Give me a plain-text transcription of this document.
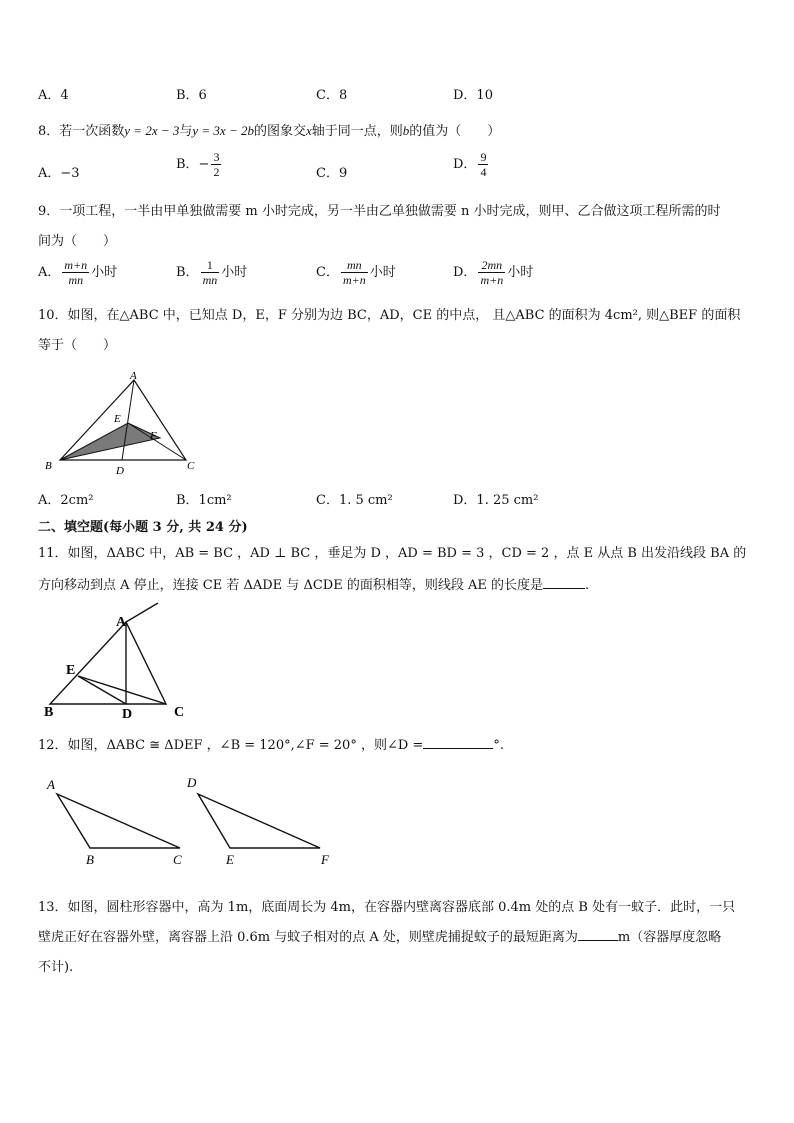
A．4	B．6	C．8	D．10
8．若一次函数y = 2x − 3与y = 3x − 2b的图象交x轴于同一点，则b的值为（　　）
A．−3
B．− $\frac{3}{2}$	C．9
D． $\frac{9}{4}$
9．一项工程，一半由甲单独做需要 m 小时完成，另一半由乙单独做需要 n 小时完成，则甲、乙合做这项工程所需的时
间为（　　）
A． $\frac{m+n}{mn}$ 小时	B． $\frac{1}{mn}$ 小时	C． $\frac{mn}{m+n}$ 小时	D． $\frac{2mn}{m+n}$ 小时
10．如图，在△ABC 中，已知点 D，E，F 分别为边 BC，AD，CE 的中点， 且△ABC 的面积为 4cm², 则△BEF 的面积
等于（　　）
A
B	C
D
E
F
A．2cm²	B．1cm²	C．1. 5 cm²	D．1. 25 cm²
二、填空题(每小题 3 分, 共 24 分)
11．如图，ΔABC 中，AB = BC ，AD ⊥ BC ，垂足为 D ，AD = BD = 3 ，CD = 2 ，点 E 从点 B 出发沿线段 BA 的
方向移动到点 A 停止，连接 CE 若 ΔADE 与 ΔCDE 的面积相等，则线段 AE 的长度是	.
A
B	C
D
E
12．如图，ΔABC ≅ ΔDEF ，∠B = 120°,∠F = 20° ，则∠D =	°.
A
B	C
D
E	F
13．如图，圆柱形容器中，高为 1m，底面周长为 4m，在容器内壁离容器底部 0.4m 处的点 B 处有一蚊子．此时，一只
壁虎正好在容器外壁，离容器上沿 0.6m 与蚊子相对的点 A 处，则壁虎捕捉蚊子的最短距离为	m（容器厚度忽略
不计).
